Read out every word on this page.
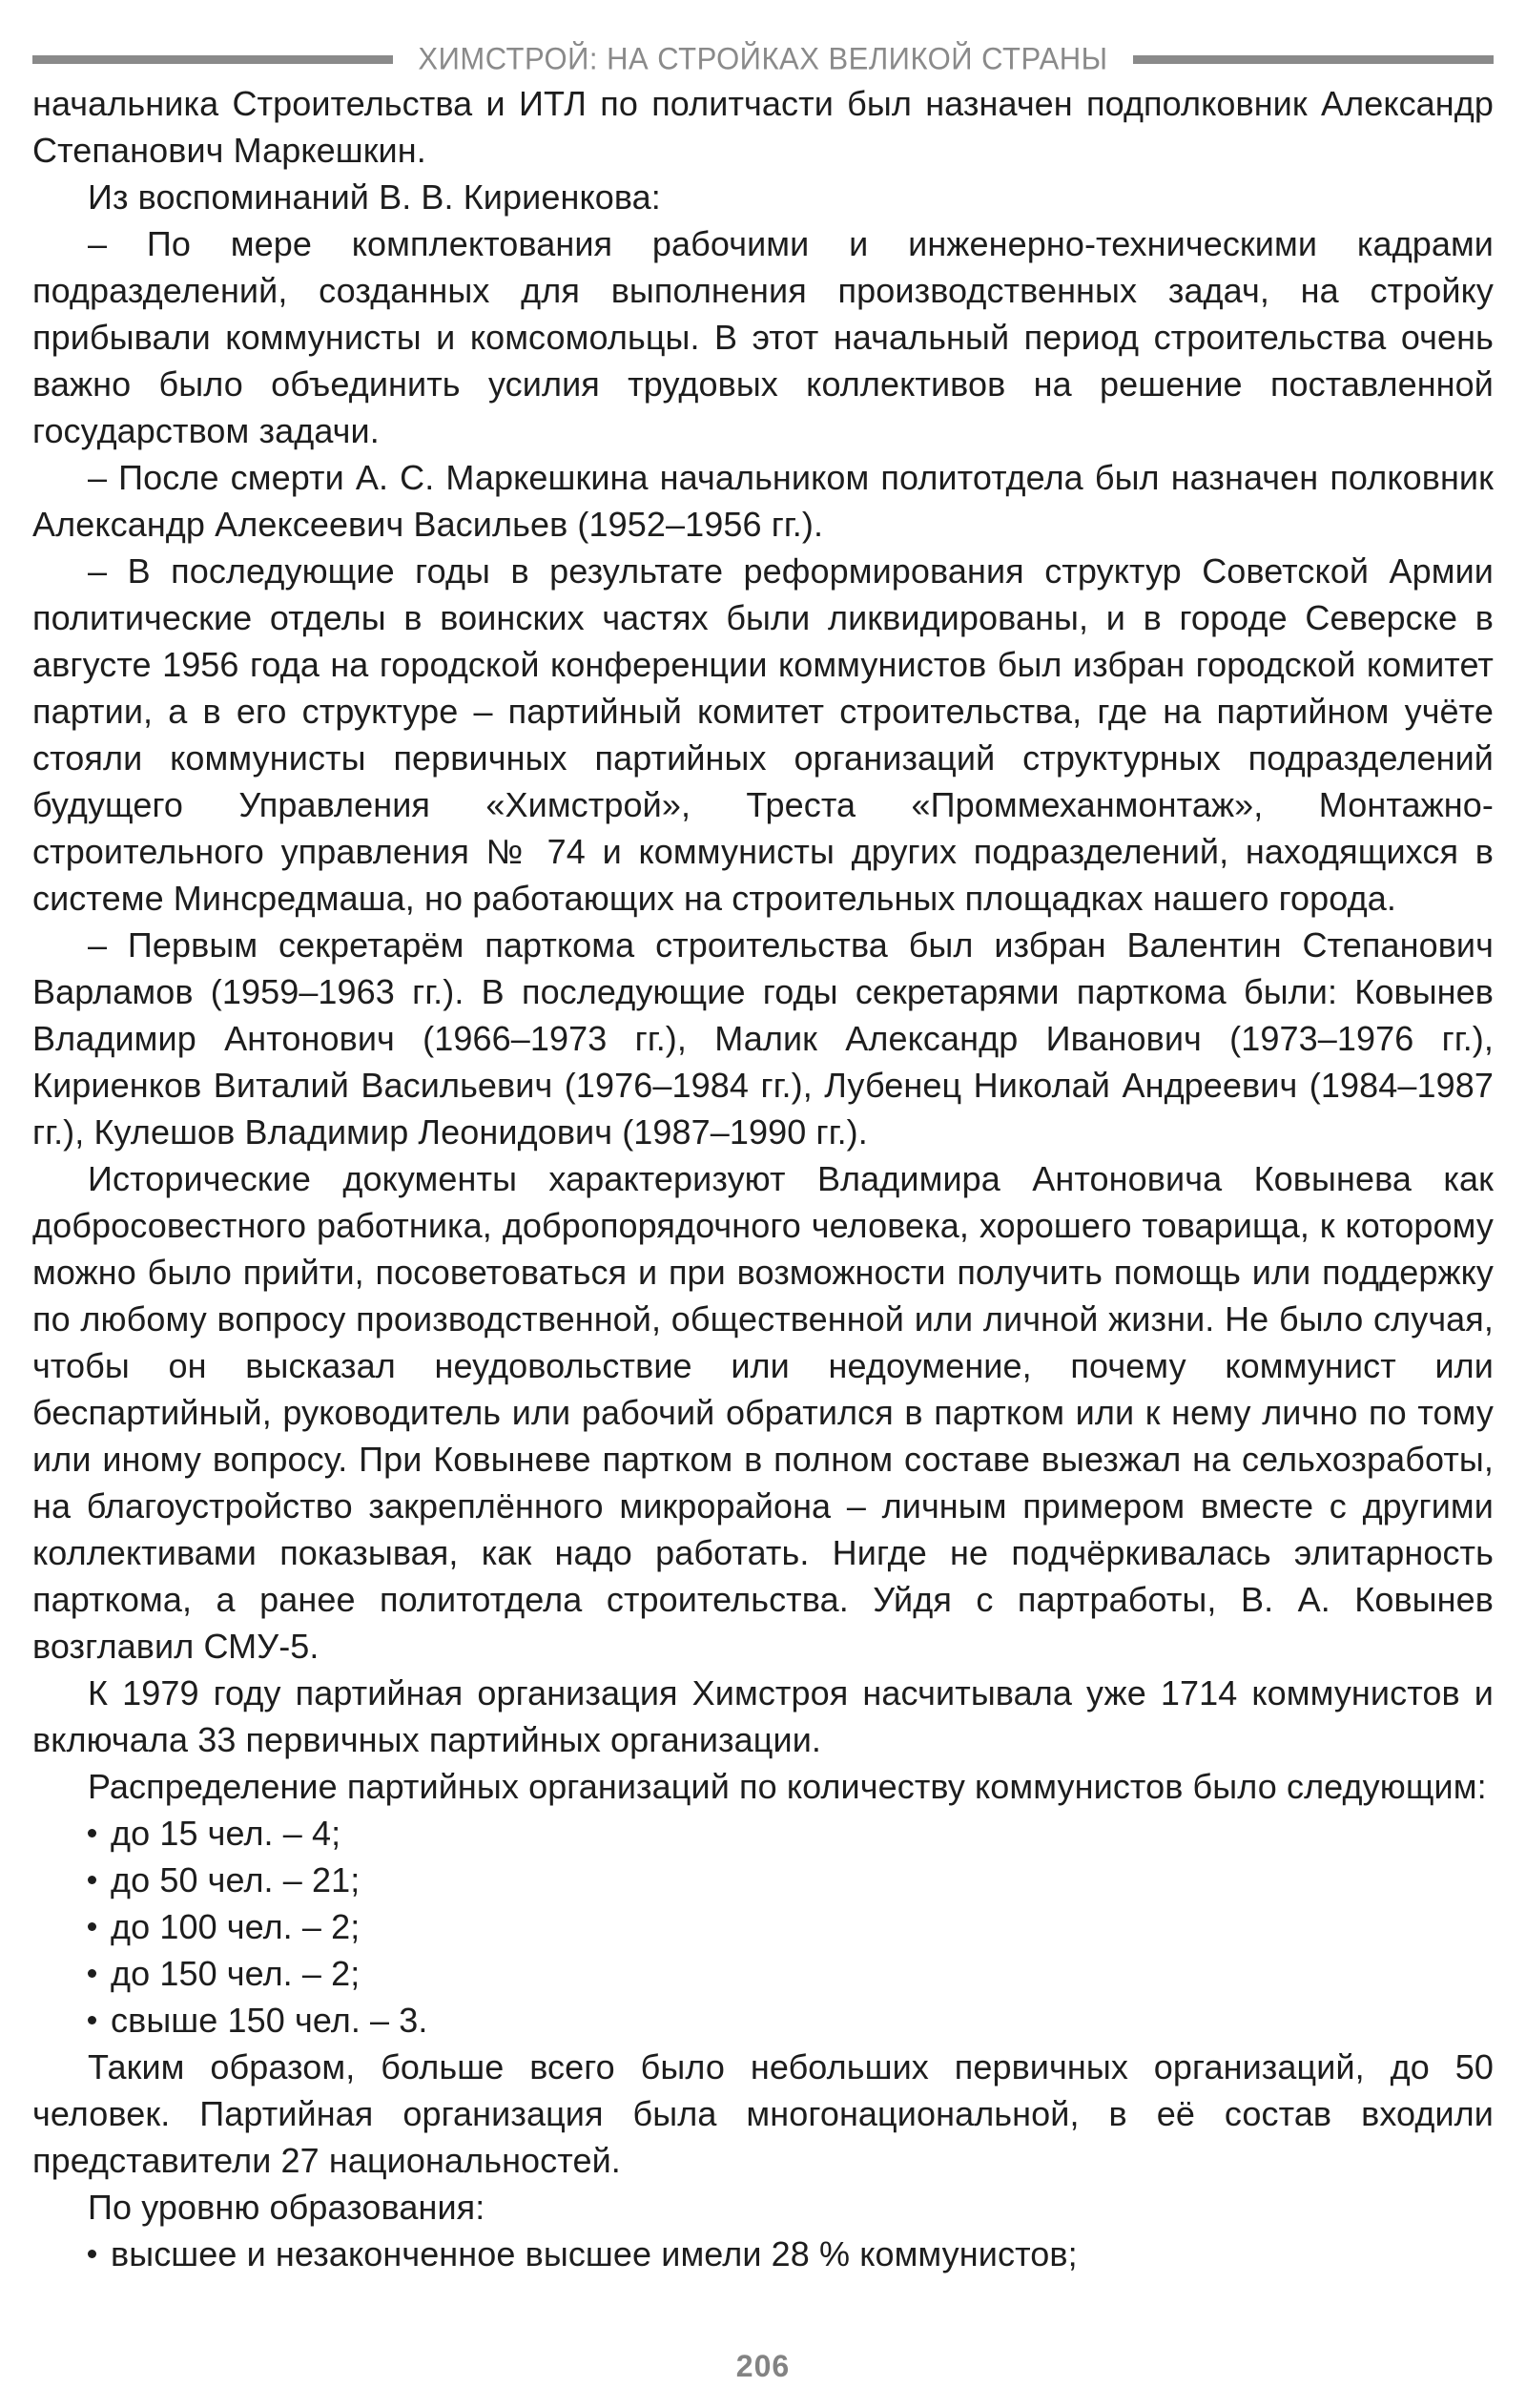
ХИМСТРОЙ: НА СТРОЙКАХ ВЕЛИКОЙ СТРАНЫ

начальника Строительства и ИТЛ по политчасти был назначен подполковник Александр Степанович Маркешкин.

Из воспоминаний В. В. Кириенкова:

– По мере комплектования рабочими и инженерно-техническими кадрами подразделений, созданных для выполнения производственных задач, на стройку прибывали коммунисты и комсомольцы. В этот начальный период строительства очень важно было объединить усилия трудовых коллективов на решение поставленной государством задачи.

– После смерти А. С. Маркешкина начальником политотдела был назначен полковник Александр Алексеевич Васильев (1952–1956 гг.).

– В последующие годы в результате реформирования структур Советской Армии политические отделы в воинских частях были ликвидированы, и в городе Северске в августе 1956 года на городской конференции коммунистов был избран городской комитет партии, а в его структуре – партийный комитет строительства, где на партийном учёте стояли коммунисты первичных партийных организаций структурных подразделений будущего Управления «Химстрой», Треста «Проммеханмонтаж», Монтажно-строительного управления № 74 и коммунисты других подразделений, находящихся в системе Минсредмаша, но работающих на строительных площадках нашего города.

– Первым секретарём парткома строительства был избран Валентин Степанович Варламов (1959–1963 гг.). В последующие годы секретарями парткома были: Ковынев Владимир Антонович (1966–1973 гг.), Малик Александр Иванович (1973–1976 гг.), Кириенков Виталий Васильевич (1976–1984 гг.), Лубенец Николай Андреевич (1984–1987 гг.), Кулешов Владимир Леонидович (1987–1990 гг.).

Исторические документы характеризуют Владимира Антоновича Ковынева как добросовестного работника, добропорядочного человека, хорошего товарища, к которому можно было прийти, посоветоваться и при возможности получить помощь или поддержку по любому вопросу производственной, общественной или личной жизни. Не было случая, чтобы он высказал неудовольствие или недоумение, почему коммунист или беспартийный, руководитель или рабочий обратился в партком или к нему лично по тому или иному вопросу. При Ковыневе партком в полном составе выезжал на сельхозработы, на благоустройство закреплённого микрорайона – личным примером вместе с другими коллективами показывая, как надо работать. Нигде не подчёркивалась элитарность парткома, а ранее политотдела строительства. Уйдя с партработы, В. А. Ковынев возглавил СМУ-5.

К 1979 году партийная организация Химстроя насчитывала уже 1714 коммунистов и включала 33 первичных партийных организации.

Распределение партийных организаций по количеству коммунистов было следующим:

до 15 чел. – 4;
до 50 чел. – 21;
до 100 чел. – 2;
до 150 чел. – 2;
свыше 150 чел. – 3.

Таким образом, больше всего было небольших первичных организаций, до 50 человек. Партийная организация была многонациональной, в её состав входили представители 27 национальностей.

По уровню образования:

высшее и незаконченное высшее имели 28 % коммунистов;
206
